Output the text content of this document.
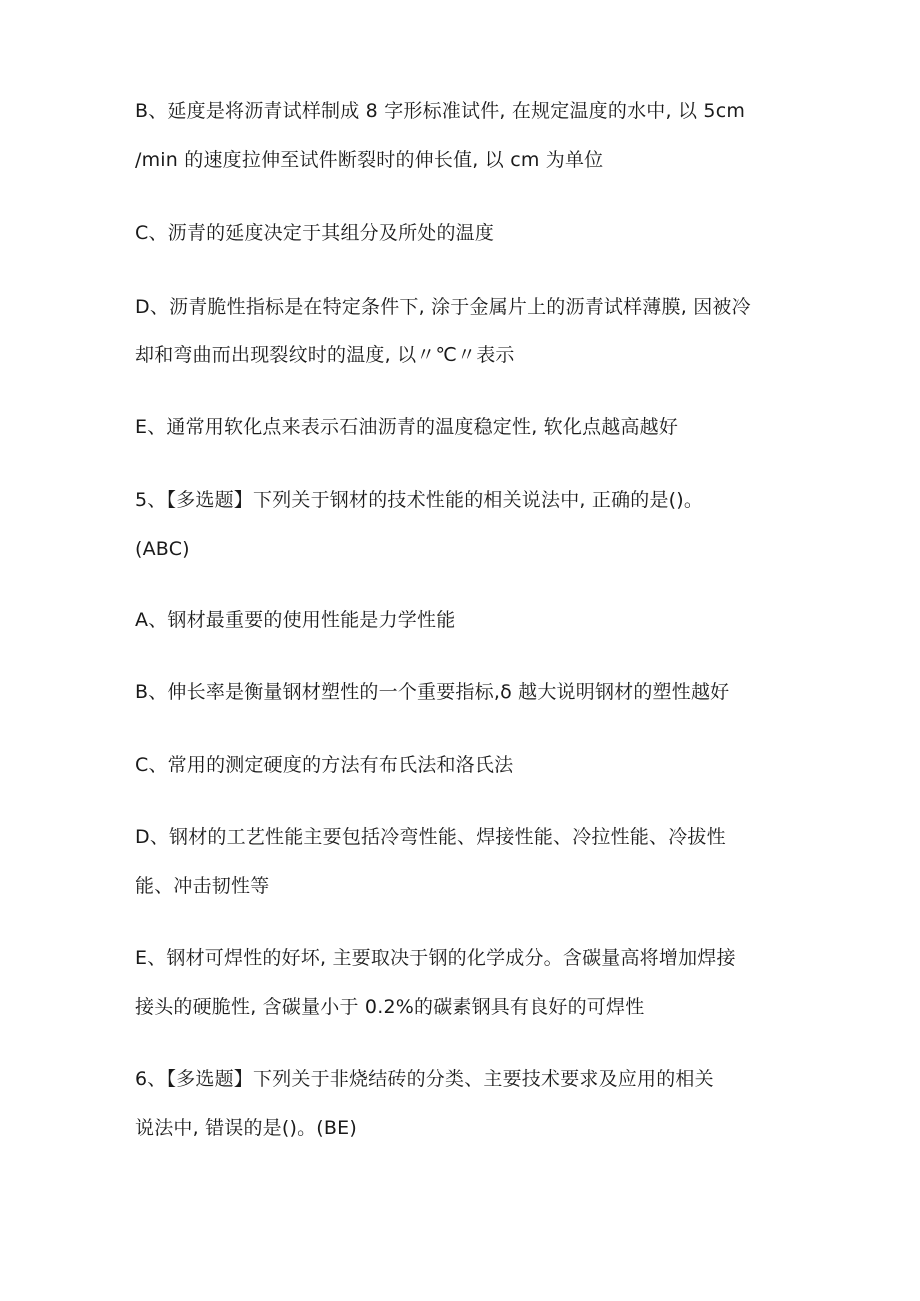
B、延度是将沥青试样制成 8 字形标准试件, 在规定温度的水中, 以 5cm
/min 的速度拉伸至试件断裂时的伸长值, 以 cm 为单位
C、沥青的延度决定于其组分及所处的温度
D、沥青脆性指标是在特定条件下, 涂于金属片上的沥青试样薄膜, 因被冷
却和弯曲而出现裂纹时的温度, 以〃℃〃表示
E、通常用软化点来表示石油沥青的温度稳定性, 软化点越高越好
5、【多选题】下列关于钢材的技术性能的相关说法中, 正确的是()。
(ABC)
A、钢材最重要的使用性能是力学性能
B、伸长率是衡量钢材塑性的一个重要指标,δ 越大说明钢材的塑性越好
C、常用的测定硬度的方法有布氏法和洛氏法
D、钢材的工艺性能主要包括冷弯性能、焊接性能、冷拉性能、冷拔性
能、冲击韧性等
E、钢材可焊性的好坏, 主要取决于钢的化学成分。含碳量高将增加焊接
接头的硬脆性, 含碳量小于 0.2%的碳素钢具有良好的可焊性
6、【多选题】下列关于非烧结砖的分类、主要技术要求及应用的相关
说法中, 错误的是()。(BE)
